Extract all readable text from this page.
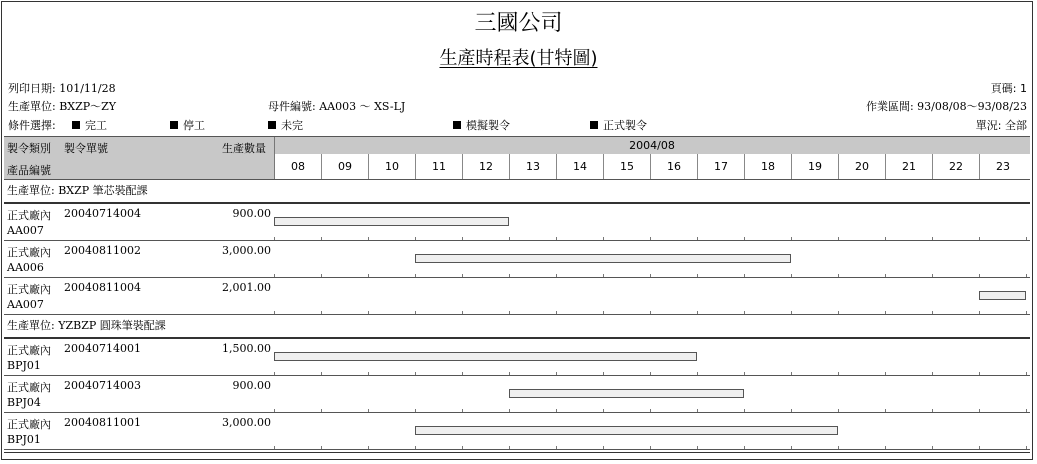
三國公司
生產時程表(甘特圖)
列印日期: 101/11/28	頁碼: 1
生產單位: BXZP～ZY	母件編號: AA003 ～ XS-LJ	作業區間: 93/08/08～93/08/23
條件選擇:	完工	停工	未完	模擬製令	正式製令	單況: 全部
製令類別 製令單號	生產數量
產品編號
2004/08
08	09	10	11	12	13	14	15	16	17	18	19	20	21	22	23
生產單位: BXZP 筆芯裝配課
正式廠內 20040714004	900.00
AA007
正式廠內 20040811002	3,000.00
AA006
正式廠內 20040811004	2,001.00
AA007
生產單位: YZBZP 圓珠筆裝配課
正式廠內 20040714001	1,500.00
BPJ01
正式廠內 20040714003	900.00
BPJ04
正式廠內 20040811001	3,000.00
BPJ01
